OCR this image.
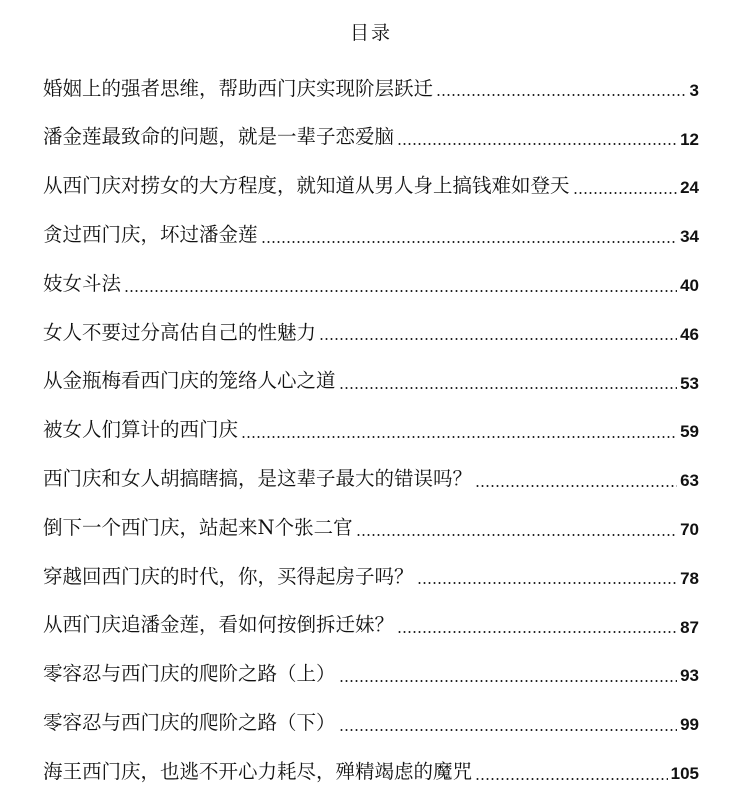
目录
婚姻上的强者思维，帮助西门庆实现阶层跃迁	3
潘金莲最致命的问题，就是一辈子恋爱脑	12
从西门庆对捞女的大方程度，就知道从男人身上搞钱难如登天	24
贪过西门庆，坏过潘金莲	34
妓女斗法	40
女人不要过分高估自己的性魅力	46
从金瓶梅看西门庆的笼络人心之道	53
被女人们算计的西门庆	59
西门庆和女人胡搞瞎搞，是这辈子最大的错误吗？	63
倒下一个西门庆，站起来N个张二官	70
穿越回西门庆的时代，你，买得起房子吗？	78
从西门庆追潘金莲，看如何按倒拆迁妹？	87
零容忍与西门庆的爬阶之路（上）	93
零容忍与西门庆的爬阶之路（下）	99
海王西门庆，也逃不开心力耗尽，殚精竭虑的魔咒	105
